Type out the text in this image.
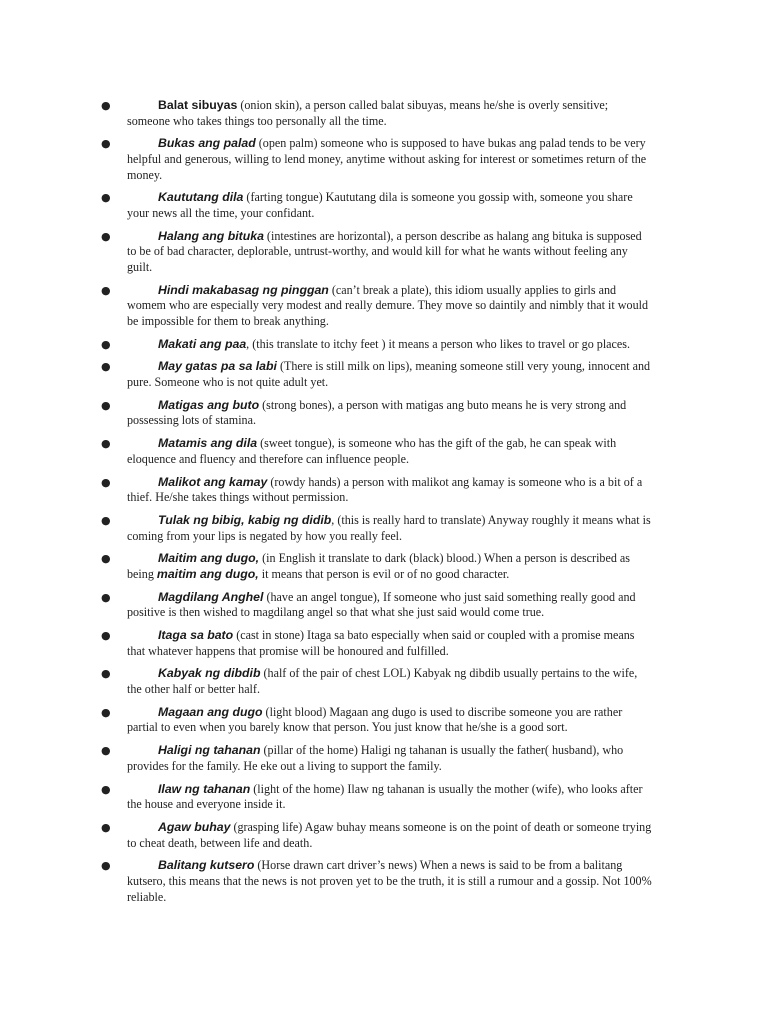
●	Balat sibuyas (onion skin), a person called balat sibuyas, means he/she is overly sensitive; someone who takes things too personally all the time.
●	Bukas ang palad (open palm) someone who is supposed to have bukas ang palad tends to be very helpful and generous, willing to lend money, anytime without asking for interest or sometimes return of the money.
●	Kaututang dila (farting tongue) Kaututang dila is someone you gossip with, someone you share your news all the time, your confidant.
●	Halang ang bituka (intestines are horizontal), a person describe as halang ang bituka is supposed to be of bad character, deplorable, untrust-worthy, and would kill for what he wants without feeling any guilt.
●	Hindi makabasag ng pinggan (can’t break a plate), this idiom usually applies to girls and womem who are especially very modest and really demure. They move so daintily and nimbly that it would be impossible for them to break anything.
●	Makati ang paa, (this translate to itchy feet ) it means a person who likes to travel or go places.
●	May gatas pa sa labi (There is still milk on lips), meaning someone still very young, innocent and pure. Someone who is not quite adult yet.
●	Matigas ang buto (strong bones), a person with matigas ang buto means he is very strong and possessing lots of stamina.
●	Matamis ang dila (sweet tongue), is someone who has the gift of the gab, he can speak with eloquence and fluency and therefore can influence people.
●	Malikot ang kamay (rowdy hands) a person with malikot ang kamay is someone who is a bit of a thief. He/she takes things without permission.
●	Tulak ng bibig, kabig ng didib, (this is really hard to translate) Anyway roughly it means what is coming from your lips is negated by how you really feel.
●	Maitim ang dugo, (in English it translate to dark (black) blood.) When a person is described as being maitim ang dugo, it means that person is evil or of no good character.
●	Magdilang Anghel (have an angel tongue), If someone who just said something really good and positive is then wished to magdilang angel so that what she just said would come true.
●	Itaga sa bato (cast in stone) Itaga sa bato especially when said or coupled with a promise means that whatever happens that promise will be honoured and fulfilled.
●	Kabyak ng dibdib (half of the pair of chest LOL) Kabyak ng dibdib usually pertains to the wife, the other half or better half.
●	Magaan ang dugo (light blood) Magaan ang dugo is used to discribe someone you are rather partial to even when you barely know that person. You just know that he/she is a good sort.
●	Haligi ng tahanan (pillar of the home) Haligi ng tahanan is usually the father( husband), who provides for the family. He eke out a living to support the family.
●	Ilaw ng tahanan (light of the home) Ilaw ng tahanan is usually the mother (wife), who looks after the house and everyone inside it.
●	Agaw buhay (grasping life) Agaw buhay means someone is on the point of death or someone trying to cheat death, between life and death.
●	Balitang kutsero (Horse drawn cart driver’s news) When a news is said to be from a balitang kutsero, this means that the news is not proven yet to be the truth, it is still a rumour and a gossip. Not 100% reliable.
